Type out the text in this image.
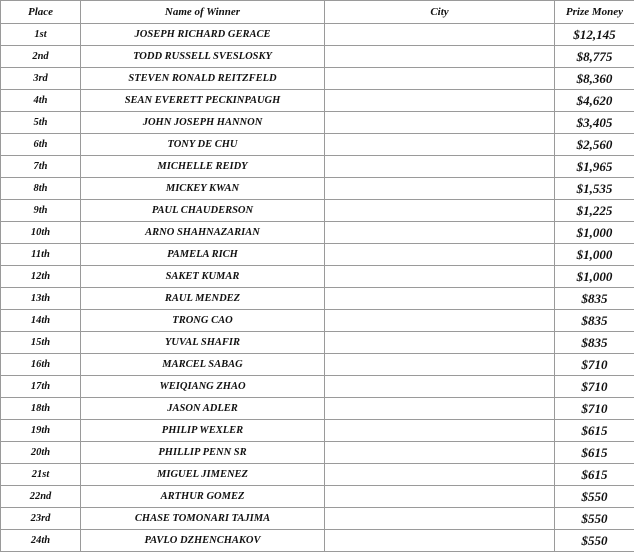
Place	Name of Winner	City	Prize Money
1st	JOSEPH RICHARD GERACE		$12,145
2nd	TODD RUSSELL SVESLOSKY		$8,775
3rd	STEVEN RONALD REITZFELD		$8,360
4th	SEAN EVERETT PECKINPAUGH		$4,620
5th	JOHN JOSEPH HANNON		$3,405
6th	TONY DE CHU		$2,560
7th	MICHELLE REIDY		$1,965
8th	MICKEY KWAN		$1,535
9th	PAUL CHAUDERSON		$1,225
10th	ARNO SHAHNAZARIAN		$1,000
11th	PAMELA RICH		$1,000
12th	SAKET KUMAR		$1,000
13th	RAUL MENDEZ		$835
14th	TRONG CAO		$835
15th	YUVAL SHAFIR		$835
16th	MARCEL SABAG		$710
17th	WEIQIANG ZHAO		$710
18th	JASON ADLER		$710
19th	PHILIP WEXLER		$615
20th	PHILLIP PENN SR		$615
21st	MIGUEL JIMENEZ		$615
22nd	ARTHUR GOMEZ		$550
23rd	CHASE TOMONARI TAJIMA		$550
24th	PAVLO DZHENCHAKOV		$550
